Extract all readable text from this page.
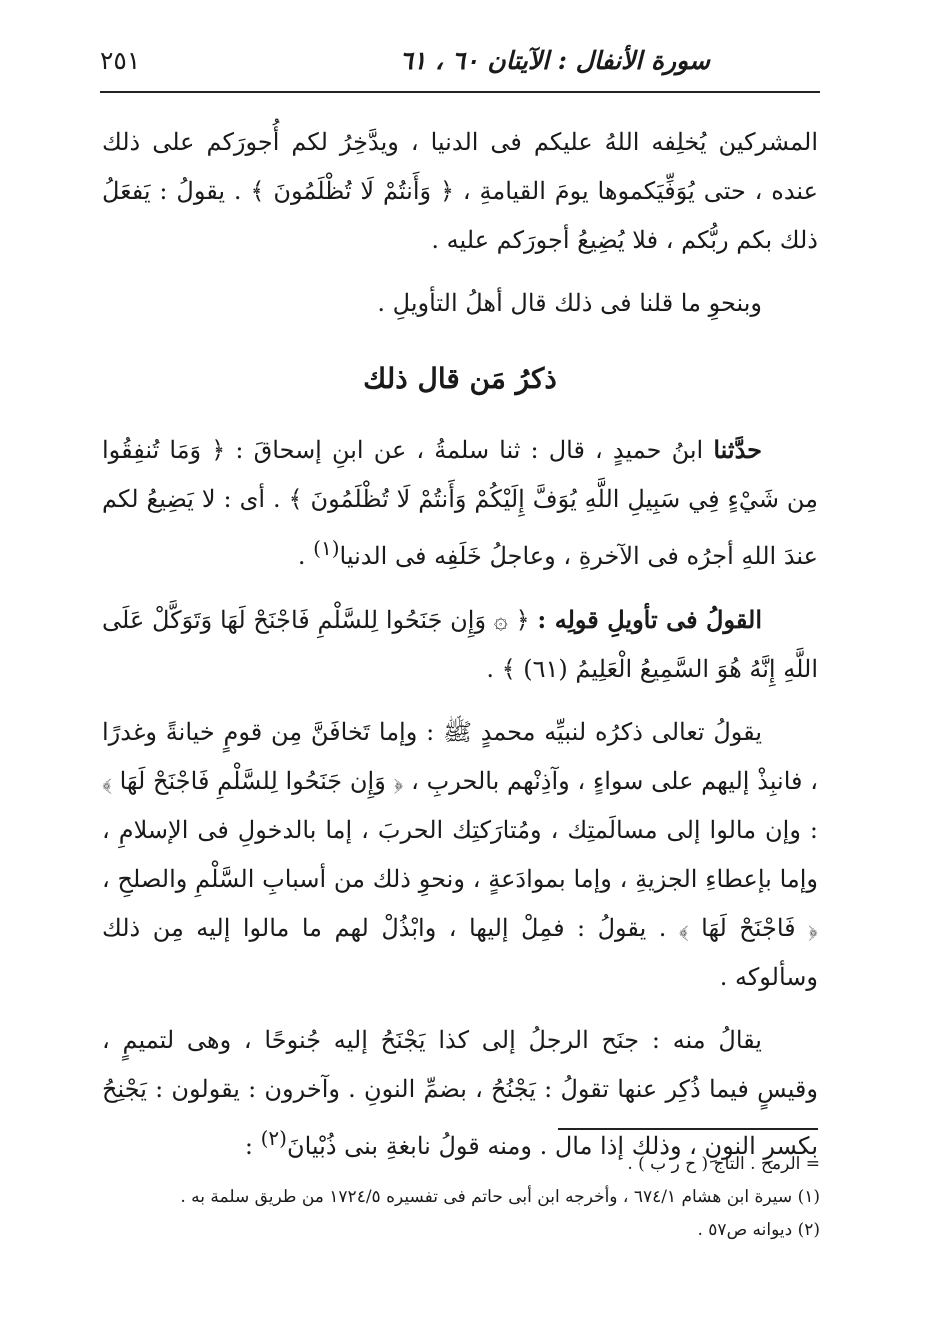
سورة الأنفال : الآيتان ٦٠ ، ٦١
٢٥١

المشركين يُخلِفه اللهُ عليكم فى الدنيا ، ويدَّخِرُ لكم أُجورَكم على ذلك عنده ، حتى يُوَفِّيَكموها يومَ القيامةِ ، ﴿ وَأَنتُمْ لَا تُظْلَمُونَ ﴾ . يقولُ : يَفعَلُ ذلك بكم ربُّكم ، فلا يُضِيعُ أجورَكم عليه .

وبنحوِ ما قلنا فى ذلك قال أهلُ التأويلِ .

ذكرُ مَن قال ذلك

حدَّثنا ابنُ حميدٍ ، قال : ثنا سلمةُ ، عن ابنِ إسحاقَ : ﴿ وَمَا تُنفِقُوا مِن شَيْءٍ فِي سَبِيلِ اللَّهِ يُوَفَّ إِلَيْكُمْ وَأَنتُمْ لَا تُظْلَمُونَ ﴾ . أى : لا يَضِيعُ لكم عندَ اللهِ أجرُه فى الآخرةِ ، وعاجلُ خَلَفِه فى الدنيا$^{(١)}$ .

القولُ فى تأويلِ قولِه : ﴿ ۞ وَإِن جَنَحُوا لِلسَّلْمِ فَاجْنَحْ لَهَا وَتَوَكَّلْ عَلَى اللَّهِ إِنَّهُ هُوَ السَّمِيعُ الْعَلِيمُ (٦١) ﴾ .

يقولُ تعالى ذكرُه لنبيِّه محمدٍ ﷺ : وإما تَخافَنَّ مِن قومٍ خيانةً وغدرًا ، فانبِذْ إليهم على سواءٍ ، وآذِنْهم بالحربِ ، ﴿ وَإِن جَنَحُوا لِلسَّلْمِ فَاجْنَحْ لَهَا ﴾ : وإن مالوا إلى مسالَمتِك ، ومُتارَكتِك الحربَ ، إما بالدخولِ فى الإسلامِ ، وإما بإعطاءِ الجزيةِ ، وإما بموادَعةٍ ، ونحوِ ذلك من أسبابِ السَّلْمِ والصلحِ ، ﴿ فَاجْنَحْ لَهَا ﴾ . يقولُ : فمِلْ إليها ، وابْذُلْ لهم ما مالوا إليه مِن ذلك وسألوكه .

يقالُ منه : جنَح الرجلُ إلى كذا يَجْنَحُ إليه جُنوحًا ، وهى لتميمٍ ، وقيسٍ فيما ذُكِر عنها تقولُ : يَجْنُحُ ، بضمِّ النونِ . وآخرون : يقولون : يَجْنِحُ بكسرِ النونِ ، وذلك إذا مال . ومنه قولُ نابغةِ بنى ذُبْيانَ$^{(٢)}$ :

= الرمح . التاج ( ح ر ب ) .
(١) سيرة ابن هشام ٦٧٤/١ ، وأخرجه ابن أبى حاتم فى تفسيره ١٧٢٤/٥ من طريق سلمة به .
(٢) ديوانه ص٥٧ .
